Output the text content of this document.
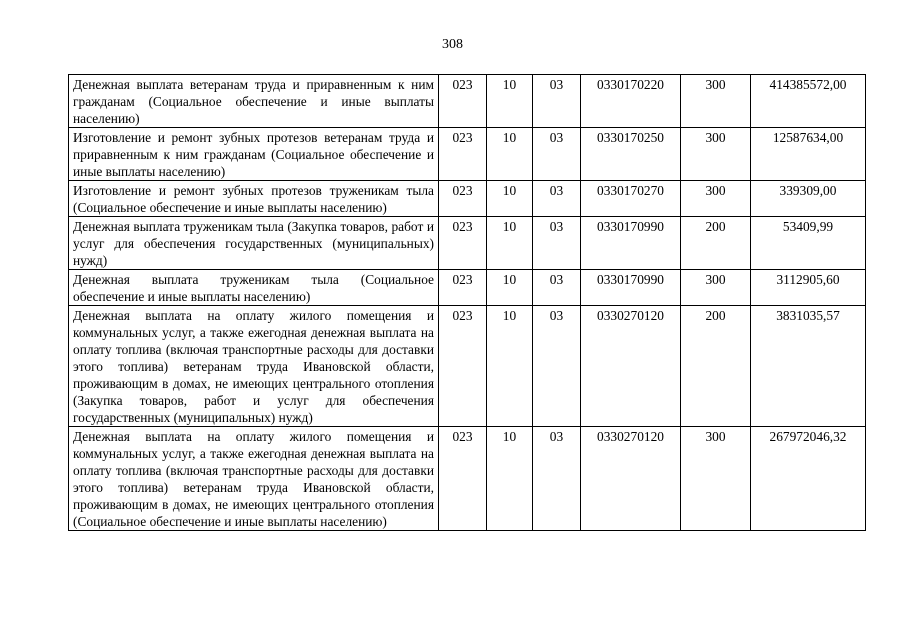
308
Денежная выплата ветеранам труда и приравненным к ним гражданам (Социальное обеспечение и иные выплаты населению)	023	10	03	0330170220	300	414385572,00
Изготовление и ремонт зубных протезов ветеранам труда и приравненным к ним гражданам (Социальное обеспечение и иные выплаты населению)	023	10	03	0330170250	300	12587634,00
Изготовление и ремонт зубных протезов труженикам тыла (Социальное обеспечение и иные выплаты населению)	023	10	03	0330170270	300	339309,00
Денежная выплата труженикам тыла (Закупка товаров, работ и услуг для обеспечения государственных (муниципальных) нужд)	023	10	03	0330170990	200	53409,99
Денежная выплата труженикам тыла (Социальное обеспечение и иные выплаты населению)	023	10	03	0330170990	300	3112905,60
Денежная выплата на оплату жилого помещения и коммунальных услуг, а также ежегодная денежная выплата на оплату топлива (включая транспортные расходы для доставки этого топлива) ветеранам труда Ивановской области, проживающим в домах, не имеющих центрального отопления (Закупка товаров, работ и услуг для обеспечения государственных (муниципальных) нужд)	023	10	03	0330270120	200	3831035,57
Денежная выплата на оплату жилого помещения и коммунальных услуг, а также ежегодная денежная выплата на оплату топлива (включая транспортные расходы для доставки этого топлива) ветеранам труда Ивановской области, проживающим в домах, не имеющих центрального отопления (Социальное обеспечение и иные выплаты населению)	023	10	03	0330270120	300	267972046,32
